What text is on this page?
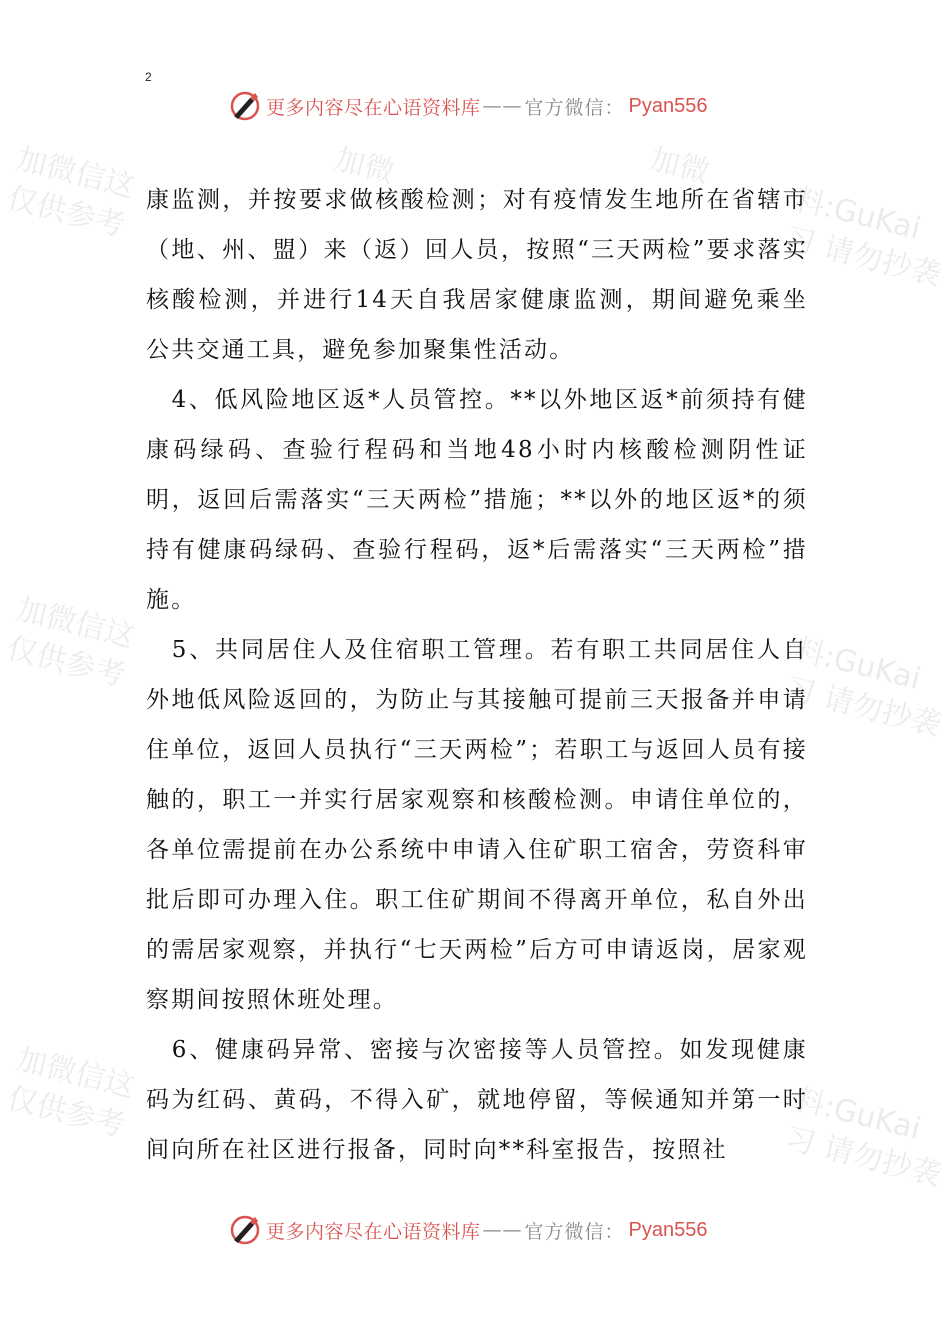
2
更多内容尽在心语资料库 —— 官方微信： Pyan556
加微信这
仅供参考
加微信这
仅供参考
加微信这
仅供参考
加微	加微
料:GuKai
习 请勿抄袭
料:GuKai
习 请勿抄袭
料:GuKai
习 请勿抄袭

康监测，并按要求做核酸检测；对有疫情发生地所在省辖市（地、州、盟）来（返）回人员，按照“三天两检”要求落实核酸检测，并进行14天自我居家健康监测，期间避免乘坐公共交通工具，避免参加聚集性活动。

　4、低风险地区返*人员管控。**以外地区返*前须持有健康码绿码、查验行程码和当地48小时内核酸检测阴性证明，返回后需落实“三天两检”措施；**以外的地区返*的须持有健康码绿码、查验行程码，返*后需落实“三天两检”措施。

　5、共同居住人及住宿职工管理。若有职工共同居住人自外地低风险返回的，为防止与其接触可提前三天报备并申请住单位，返回人员执行“三天两检”；若职工与返回人员有接触的，职工一并实行居家观察和核酸检测。申请住单位的，各单位需提前在办公系统中申请入住矿职工宿舍，劳资科审批后即可办理入住。职工住矿期间不得离开单位，私自外出的需居家观察，并执行“七天两检”后方可申请返岗，居家观察期间按照休班处理。

　6、健康码异常、密接与次密接等人员管控。如发现健康码为红码、黄码，不得入矿，就地停留，等候通知并第一时间向所在社区进行报备，同时向**科室报告，按照社

更多内容尽在心语资料库 —— 官方微信： Pyan556
